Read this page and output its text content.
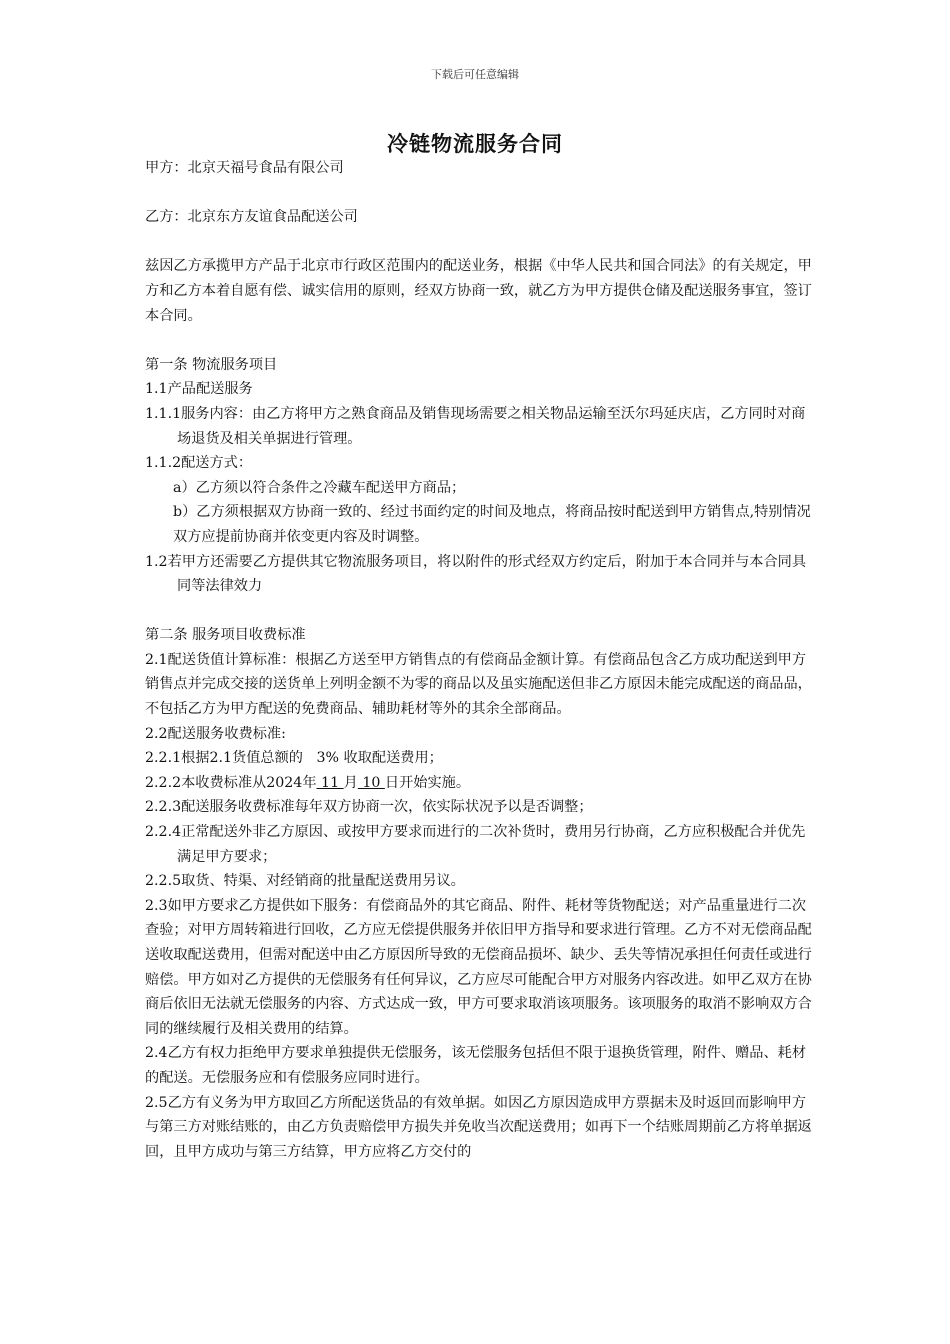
下载后可任意编辑
冷链物流服务合同

甲方：北京天福号食品有限公司

乙方：北京东方友谊食品配送公司

兹因乙方承揽甲方产品于北京市行政区范围内的配送业务，根据《中华人民共和国合同法》的有关规定，甲方和乙方本着自愿有偿、诚实信用的原则，经双方协商一致，就乙方为甲方提供仓储及配送服务事宜，签订本合同。

第一条 物流服务项目

1.1产品配送服务

1.1.1服务内容：由乙方将甲方之熟食商品及销售现场需要之相关物品运输至沃尔玛延庆店，乙方同时对商场退货及相关单据进行管理。

1.1.2配送方式：

a）乙方须以符合条件之冷藏车配送甲方商品；

b）乙方须根据双方协商一致的、经过书面约定的时间及地点，将商品按时配送到甲方销售点,特别情况双方应提前协商并依变更内容及时调整。

1.2若甲方还需要乙方提供其它物流服务项目，将以附件的形式经双方约定后，附加于本合同并与本合同具同等法律效力

第二条 服务项目收费标准

2.1配送货值计算标准：根据乙方送至甲方销售点的有偿商品金额计算。有偿商品包含乙方成功配送到甲方销售点并完成交接的送货单上列明金额不为零的商品以及虽实施配送但非乙方原因未能完成配送的商品品，不包括乙方为甲方配送的免费商品、辅助耗材等外的其余全部商品。

2.2配送服务收费标准:

2.2.1根据2.1货值总额的   3% 收取配送费用；

2.2.2本收费标准从2024年 11 月 10 日开始实施。

2.2.3配送服务收费标准每年双方协商一次，依实际状况予以是否调整；

2.2.4正常配送外非乙方原因、或按甲方要求而进行的二次补货时，费用另行协商，乙方应积极配合并优先满足甲方要求；

2.2.5取货、特渠、对经销商的批量配送费用另议。

2.3如甲方要求乙方提供如下服务：有偿商品外的其它商品、附件、耗材等货物配送；对产品重量进行二次查验；对甲方周转箱进行回收，乙方应无偿提供服务并依旧甲方指导和要求进行管理。乙方不对无偿商品配送收取配送费用，但需对配送中由乙方原因所导致的无偿商品损坏、缺少、丢失等情况承担任何责任或进行赔偿。甲方如对乙方提供的无偿服务有任何异议，乙方应尽可能配合甲方对服务内容改进。如甲乙双方在协商后依旧无法就无偿服务的内容、方式达成一致，甲方可要求取消该项服务。该项服务的取消不影响双方合同的继续履行及相关费用的结算。

2.4乙方有权力拒绝甲方要求单独提供无偿服务，该无偿服务包括但不限于退换货管理，附件、赠品、耗材的配送。无偿服务应和有偿服务应同时进行。

2.5乙方有义务为甲方取回乙方所配送货品的有效单据。如因乙方原因造成甲方票据未及时返回而影响甲方与第三方对账结账的，由乙方负责赔偿甲方损失并免收当次配送费用；如再下一个结账周期前乙方将单据返回，且甲方成功与第三方结算，甲方应将乙方交付的
